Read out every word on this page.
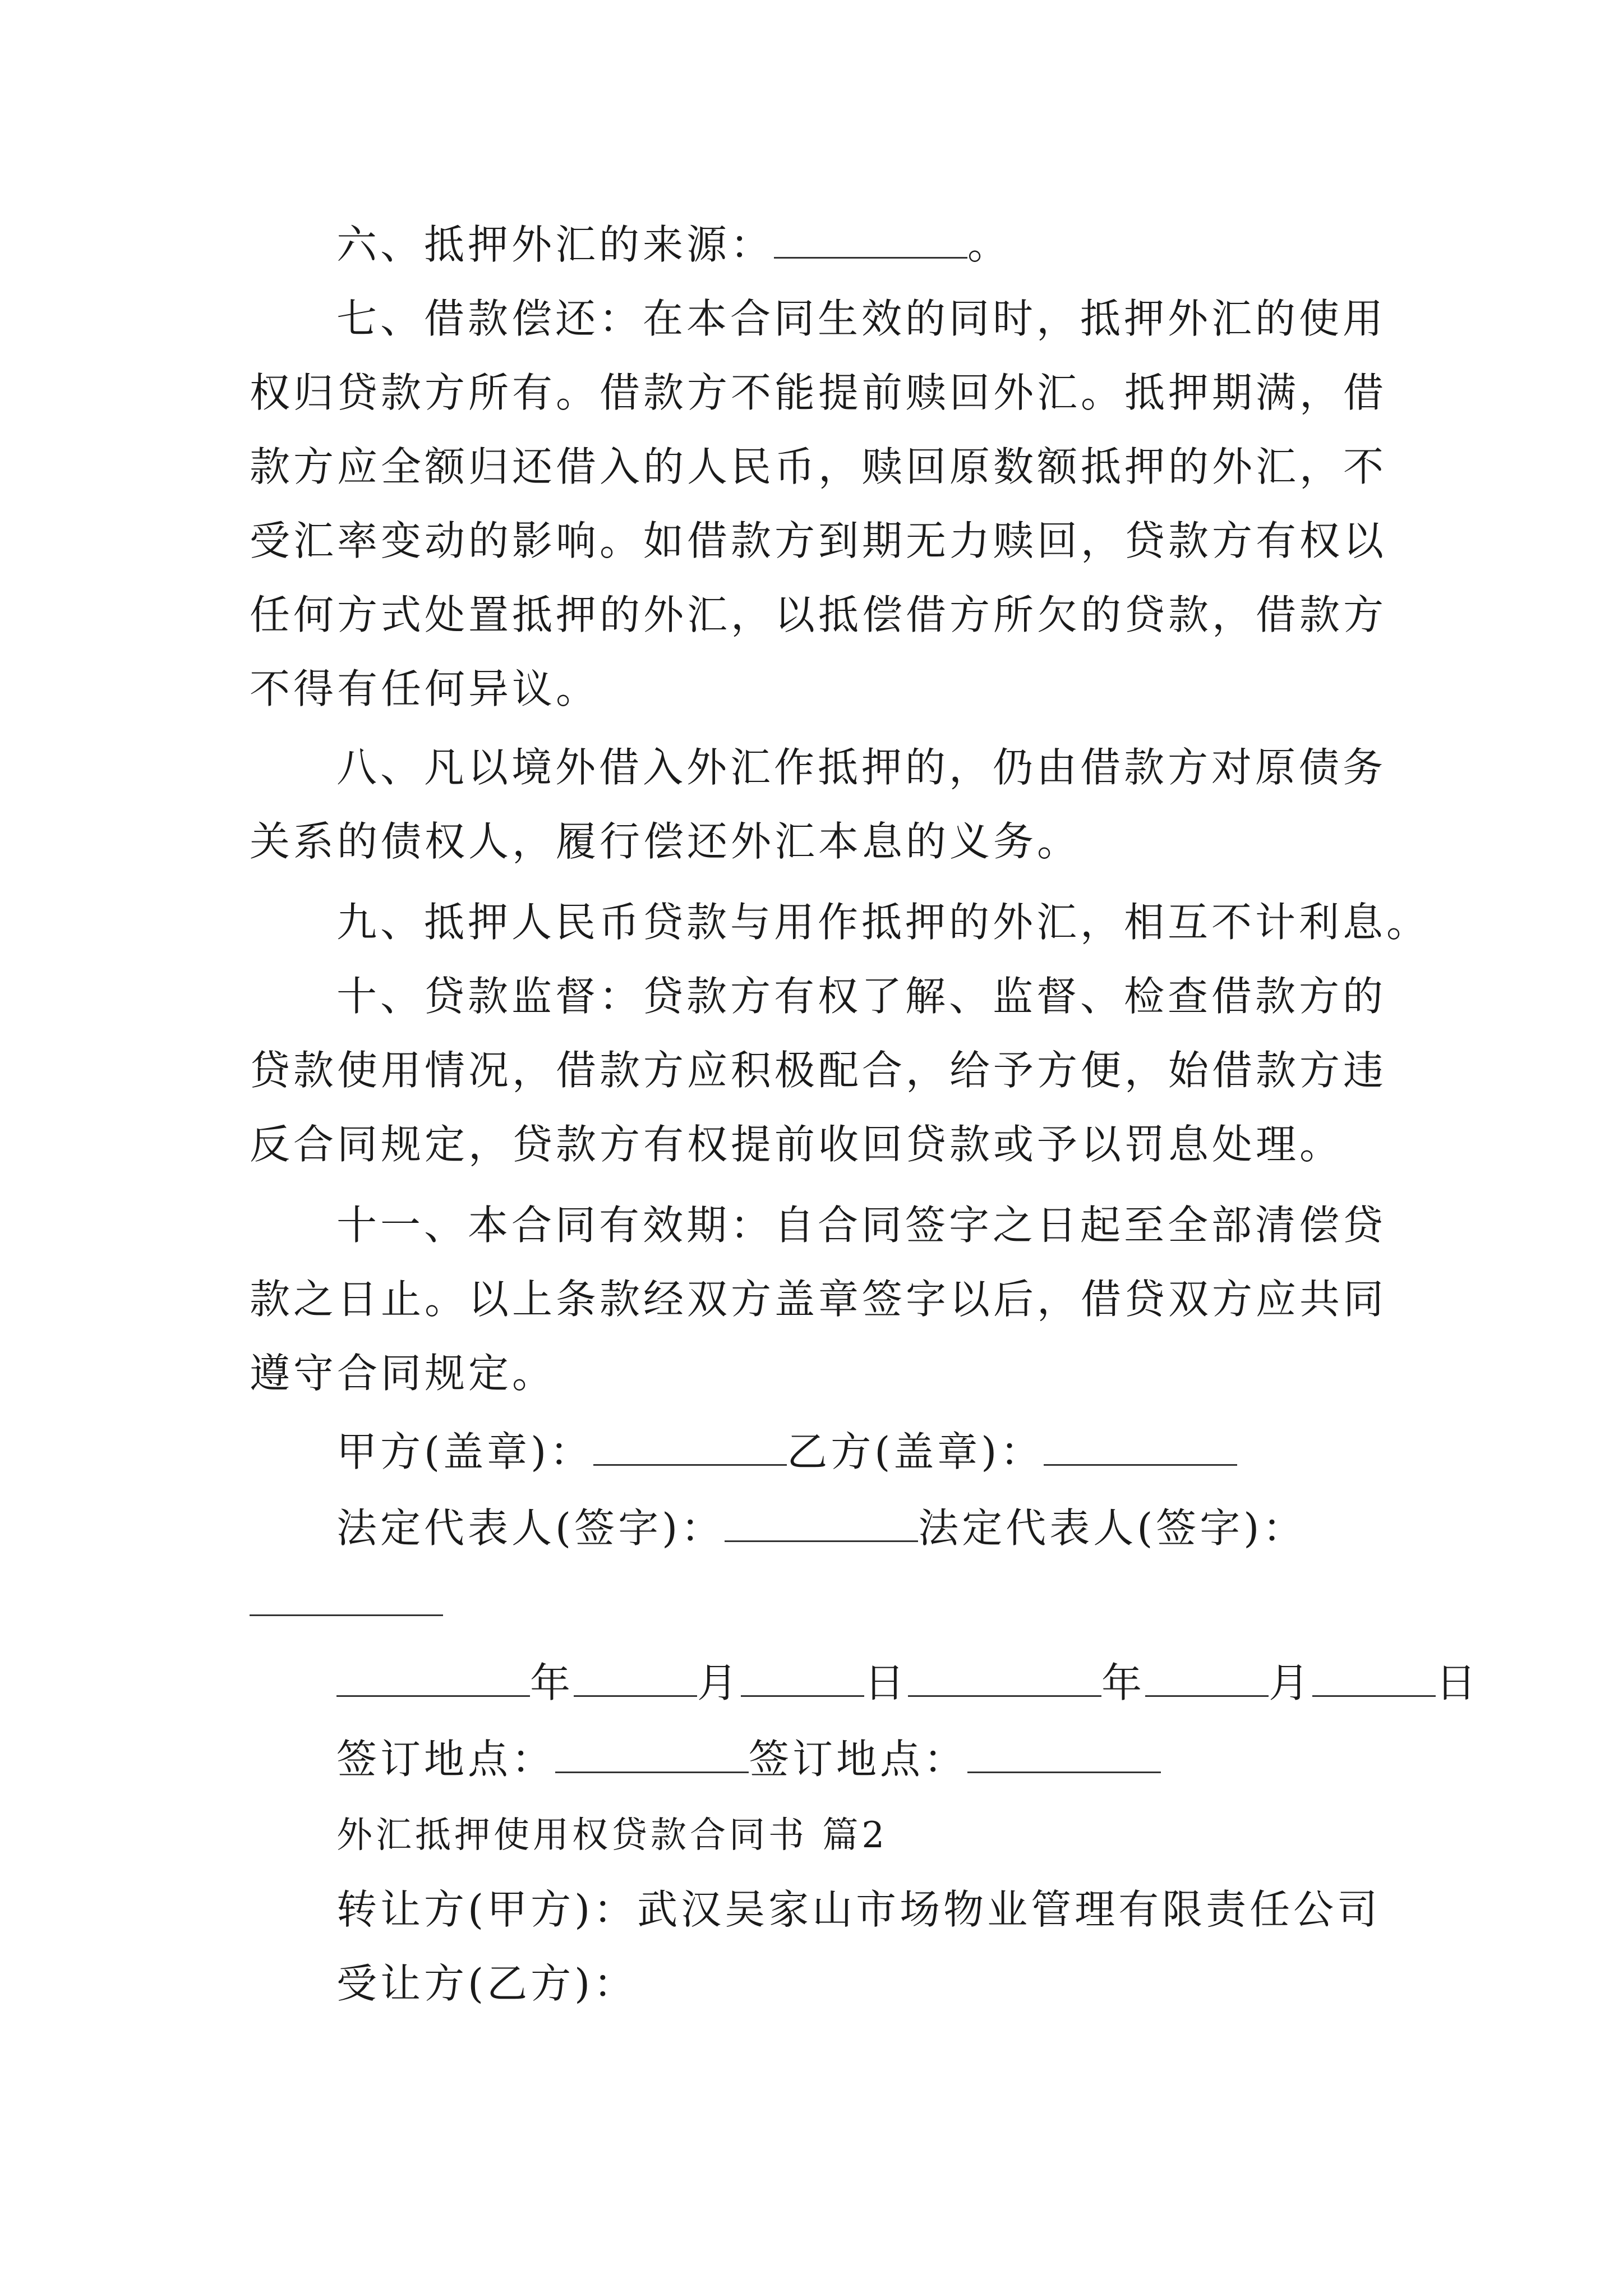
六、抵押外汇的来源：	。
七、借款偿还：在本合同生效的同时，抵押外汇的使用
权归贷款方所有。借款方不能提前赎回外汇。抵押期满，借
款方应全额归还借入的人民币，赎回原数额抵押的外汇，不
受汇率变动的影响。如借款方到期无力赎回，贷款方有权以
任何方式处置抵押的外汇，以抵偿借方所欠的贷款，借款方
不得有任何异议。
八、凡以境外借入外汇作抵押的，仍由借款方对原债务
关系的债权人，履行偿还外汇本息的义务。
九、抵押人民币贷款与用作抵押的外汇，相互不计利息。
十、贷款监督：贷款方有权了解、监督、检查借款方的
贷款使用情况，借款方应积极配合，给予方便，始借款方违
反合同规定，贷款方有权提前收回贷款或予以罚息处理。
十一、本合同有效期：自合同签字之日起至全部清偿贷
款之日止。以上条款经双方盖章签字以后，借贷双方应共同
遵守合同规定。
甲方(盖章)：	乙方(盖章)：
法定代表人(签字)：	法定代表人(签字)：
年	月	日	年	月	日
签订地点：	签订地点：
外汇抵押使用权贷款合同书 篇2
转让方(甲方)：武汉吴家山市场物业管理有限责任公司
受让方(乙方)：
